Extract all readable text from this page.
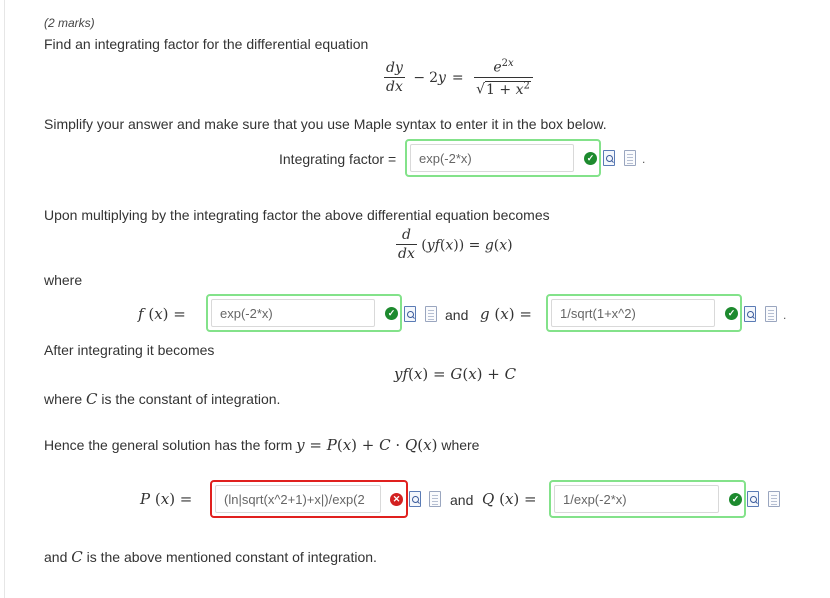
(2 marks)
Find an integrating factor for the differential equation
$\frac{dy}{dx} - 2y = \frac{e^{2x}}{√1 + x^2}$
Simplify your answer and make sure that you use Maple syntax to enter it in the box below.
Integrating factor =
exp(-2*x)	✓	.
Upon multiplying by the integrating factor the above differential equation becomes
$\frac{d}{dx} (yf(x)) = g(x)$
where
f (x) =
exp(-2*x)	✓	and g (x) =
1/sqrt(1+x^2)	✓	.
After integrating it becomes
yf(x) = G(x) + C
where C is the constant of integration.
Hence the general solution has the form y = P(x) + C · Q(x) where
P (x) =
(ln|sqrt(x^2+1)+x|)/exp(2	✕	and Q (x) =
1/exp(-2*x)	✓
and C is the above mentioned constant of integration.
